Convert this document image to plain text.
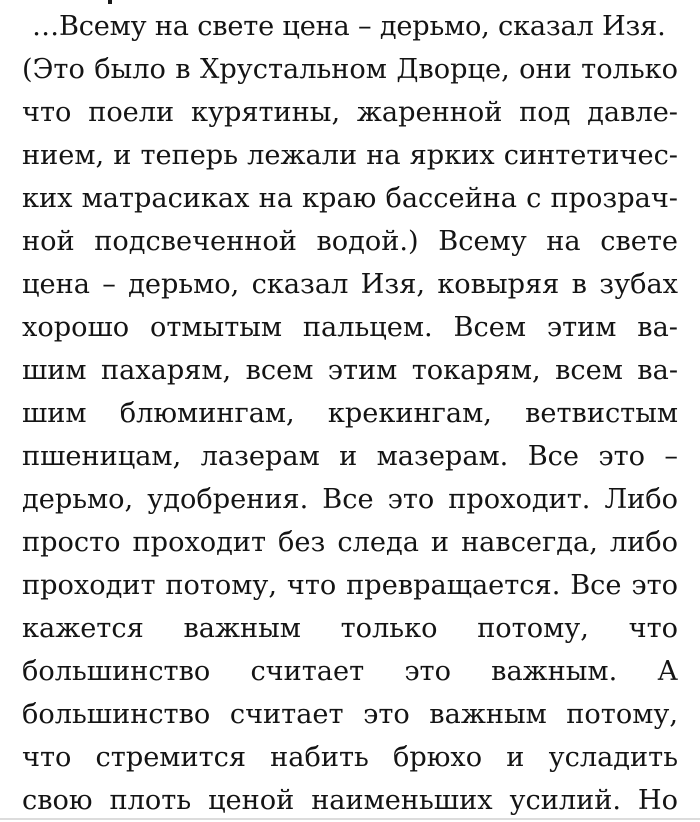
…Всему на свете цена – дерьмо, сказал Изя.
(Это было в Хрустальном Дворце, они только
что поели курятины, жаренной под давле-
нием, и теперь лежали на ярких синтетичес-
ких матрасиках на краю бассейна с прозрач-
ной подсвеченной водой.) Всему на свете
цена – дерьмо, сказал Изя, ковыряя в зубах
хорошо отмытым пальцем. Всем этим ва-
шим пахарям, всем этим токарям, всем ва-
шим блюмингам, крекингам, ветвистым
пшеницам, лазерам и мазерам. Все это –
дерьмо, удобрения. Все это проходит. Либо
просто проходит без следа и навсегда, либо
проходит потому, что превращается. Все это
кажется важным только потому, что
большинство считает это важным. А
большинство считает это важным потому,
что стремится набить брюхо и усладить
свою плоть ценой наименьших усилий. Но
